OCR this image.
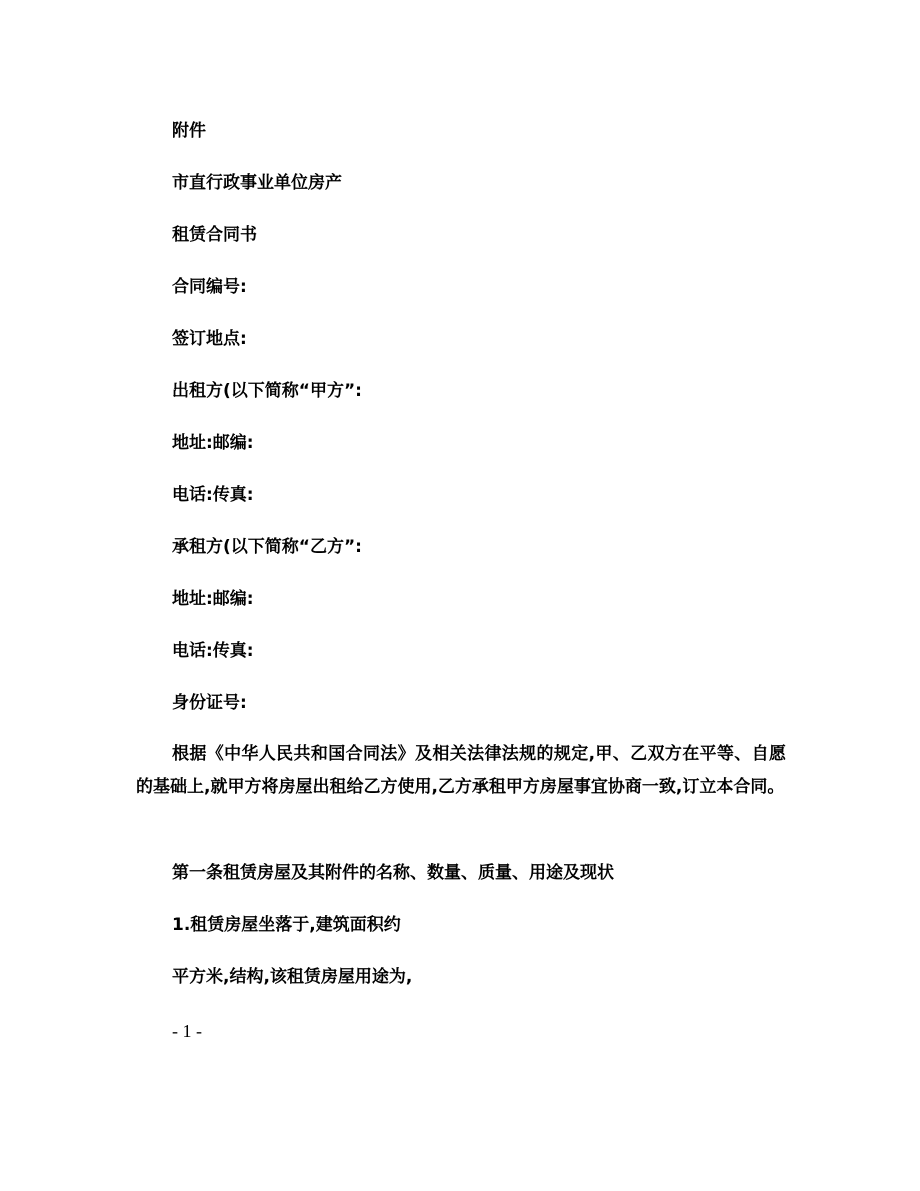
附件
市直行政事业单位房产
租赁合同书
合同编号:
签订地点:
出租方(以下简称“甲方”:
地址:邮编:
电话:传真:
承租方(以下简称“乙方”:
地址:邮编:
电话:传真:
身份证号:
根据《中华人民共和国合同法》及相关法律法规的规定,甲、乙双方在平等、自愿的基础上,就甲方将房屋出租给乙方使用,乙方承租甲方房屋事宜协商一致,订立本合同。
第一条租赁房屋及其附件的名称、数量、质量、用途及现状
1.租赁房屋坐落于,建筑面积约
平方米,结构,该租赁房屋用途为,
- 1 -
